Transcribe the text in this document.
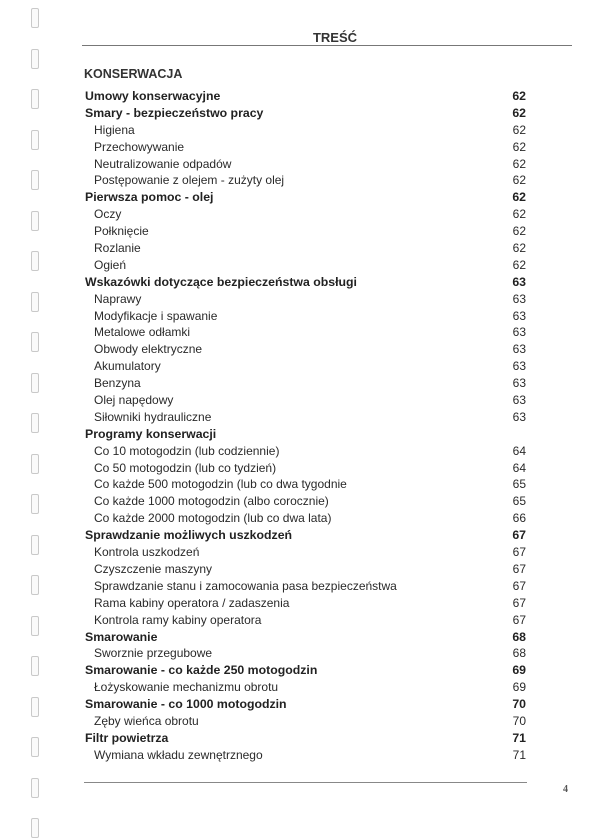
TREŚĆ
KONSERWACJA
Umowy konserwacyjne	62
Smary - bezpieczeństwo pracy	62
Higiena	62
Przechowywanie	62
Neutralizowanie odpadów	62
Postępowanie z olejem - zużyty olej	62
Pierwsza pomoc - olej	62
Oczy	62
Połknięcie	62
Rozlanie	62
Ogień	62
Wskazówki dotyczące bezpieczeństwa obsługi	63
Naprawy	63
Modyfikacje i spawanie	63
Metalowe odłamki	63
Obwody elektryczne	63
Akumulatory	63
Benzyna	63
Olej napędowy	63
Siłowniki hydrauliczne	63
Programy konserwacji
Co 10 motogodzin (lub codziennie)	64
Co 50 motogodzin (lub co tydzień)	64
Co każde 500 motogodzin (lub co dwa tygodnie	65
Co każde 1000 motogodzin (albo corocznie)	65
Co każde 2000 motogodzin (lub co dwa lata)	66
Sprawdzanie możliwych uszkodzeń	67
Kontrola uszkodzeń	67
Czyszczenie maszyny	67
Sprawdzanie stanu i zamocowania pasa bezpieczeństwa	67
Rama kabiny operatora / zadaszenia	67
Kontrola ramy kabiny operatora	67
Smarowanie	68
Sworznie przegubowe	68
Smarowanie - co każde 250 motogodzin	69
Łożyskowanie mechanizmu obrotu	69
Smarowanie - co 1000 motogodzin	70
Zęby wieńca obrotu	70
Filtr powietrza	71
Wymiana wkładu zewnętrznego	71
4
